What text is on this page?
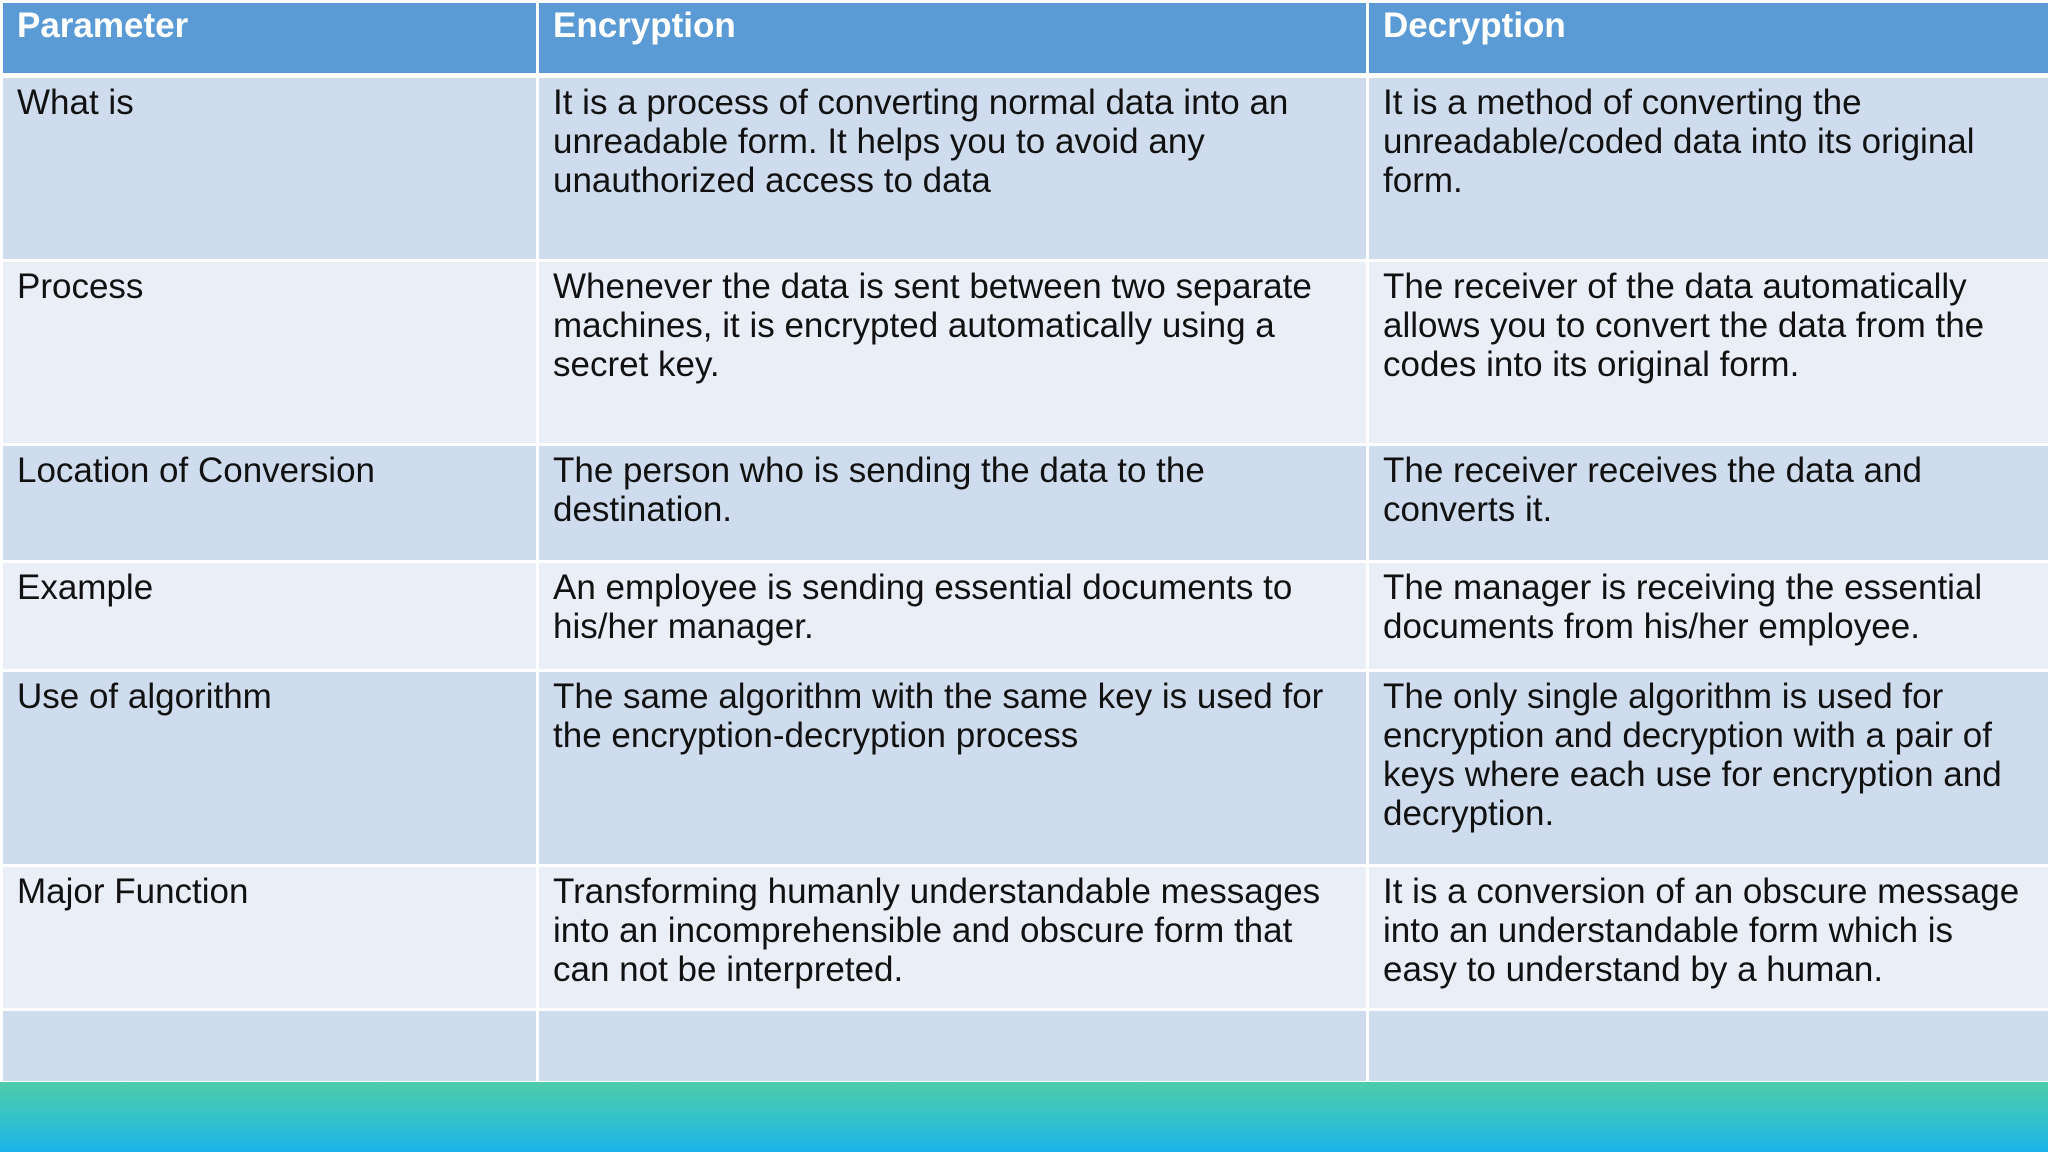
Parameter	Encryption	Decryption
What is	It is a process of converting normal data into an unreadable form. It helps you to avoid any unauthorized access to data	It is a method of converting the unreadable/coded data into its original form.
Process	Whenever the data is sent between two separate machines, it is encrypted automatically using a secret key.	The receiver of the data automatically allows you to convert the data from the codes into its original form.
Location of Conversion	The person who is sending the data to the destination.	The receiver receives the data and converts it.
Example	An employee is sending essential documents to his/her manager.	The manager is receiving the essential documents from his/her employee.
Use of algorithm	The same algorithm with the same key is used for the encryption-decryption process	The only single algorithm is used for encryption and decryption with a pair of keys where each use for encryption and decryption.
Major Function	Transforming humanly understandable messages into an incomprehensible and obscure form that can not be interpreted.	It is a conversion of an obscure message into an understandable form which is easy to understand by a human.
